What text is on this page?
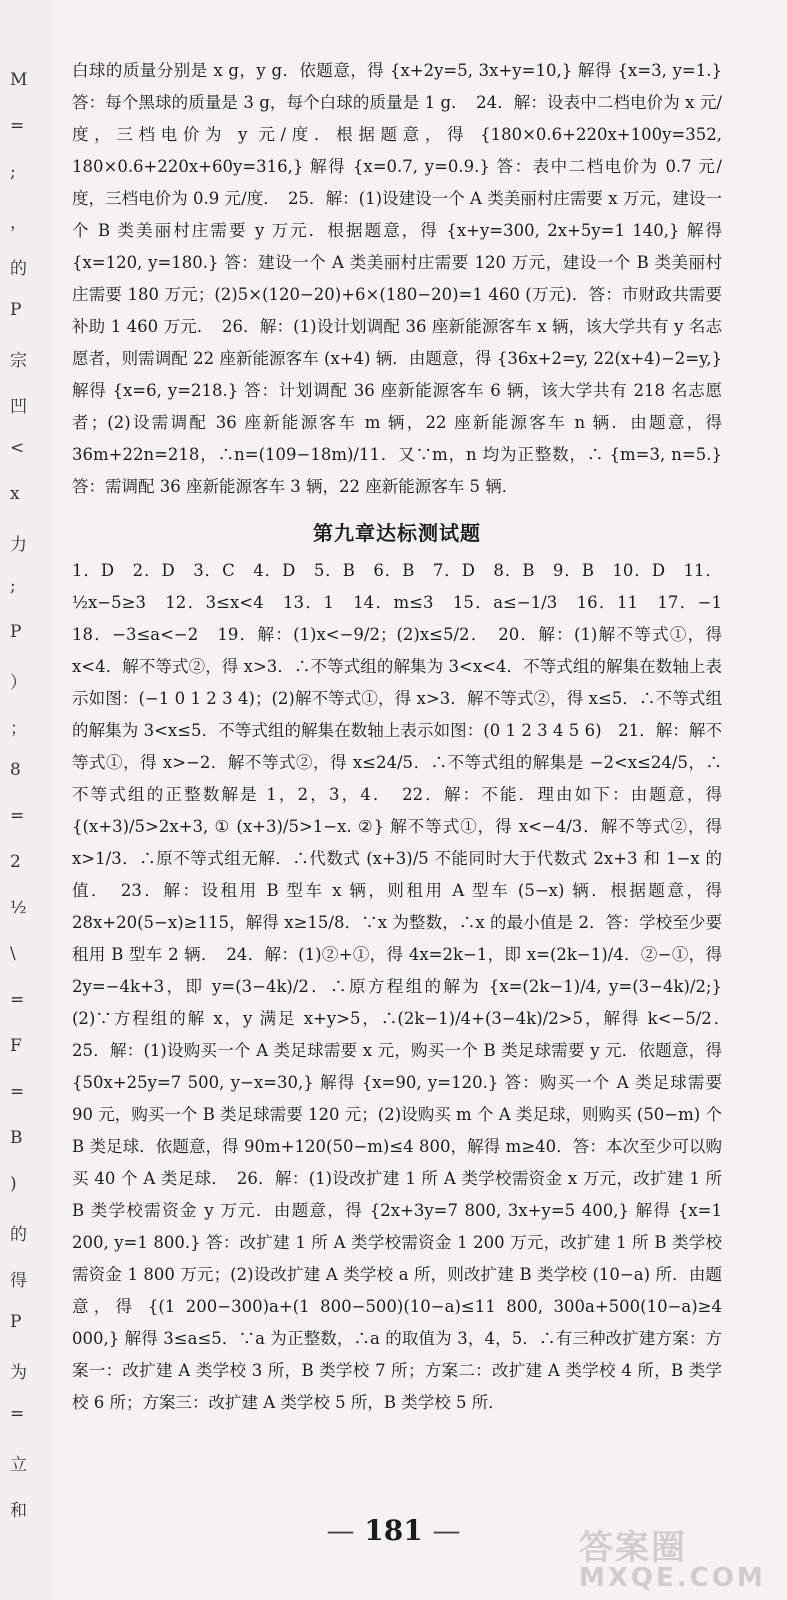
M
=
;
，
的
P
宗
凹
<
x
力
;
P
）
；
8
=
2
½
\
=
F
=
B
)
的
得
P
为
=
立
和

白球的质量分别是 x g，y g．依题意，得 {x+2y=5, 3x+y=10,} 解得 {x=3, y=1.} 答：每个黑球的质量是 3 g，每个白球的质量是 1 g．　24．解：设表中二档电价为 x 元/度，三档电价为 y 元/度．根据题意，得 {180×0.6+220x+100y=352, 180×0.6+220x+60y=316,} 解得 {x=0.7, y=0.9.} 答：表中二档电价为 0.7 元/度，三档电价为 0.9 元/度．　25．解：(1)设建设一个 A 类美丽村庄需要 x 万元，建设一个 B 类美丽村庄需要 y 万元．根据题意，得 {x+y=300, 2x+5y=1 140,} 解得 {x=120, y=180.} 答：建设一个 A 类美丽村庄需要 120 万元，建设一个 B 类美丽村庄需要 180 万元；(2)5×(120−20)+6×(180−20)=1 460 (万元)．答：市财政共需要补助 1 460 万元．　26．解：(1)设计划调配 36 座新能源客车 x 辆，该大学共有 y 名志愿者，则需调配 22 座新能源客车 (x+4) 辆．由题意，得 {36x+2=y, 22(x+4)−2=y,} 解得 {x=6, y=218.} 答：计划调配 36 座新能源客车 6 辆，该大学共有 218 名志愿者；(2)设需调配 36 座新能源客车 m 辆，22 座新能源客车 n 辆．由题意，得 36m+22n=218，∴n=(109−18m)/11．又∵m，n 均为正整数，∴ {m=3, n=5.} 答：需调配 36 座新能源客车 3 辆，22 座新能源客车 5 辆．

第九章达标测试题

1．D　2．D　3．C　4．D　5．B　6．B　7．D　8．B　9．B　10．D　11．½x−5≥3　12．3≤x<4　13．1　14．m≤3　15．a≤−1/3　16．11　17．−1　18．−3≤a<−2　19．解：(1)x<−9/2；(2)x≤5/2．　20．解：(1)解不等式①，得 x<4．解不等式②，得 x>3．∴不等式组的解集为 3<x<4．不等式组的解集在数轴上表示如图：(−1 0 1 2 3 4)；(2)解不等式①，得 x>3．解不等式②，得 x≤5．∴不等式组的解集为 3<x≤5．不等式组的解集在数轴上表示如图：(0 1 2 3 4 5 6)　21．解：解不等式①，得 x>−2．解不等式②，得 x≤24/5．∴不等式组的解集是 −2<x≤24/5，∴不等式组的正整数解是 1，2，3，4．　22．解：不能．理由如下：由题意，得 {(x+3)/5>2x+3, ① (x+3)/5>1−x. ②} 解不等式①，得 x<−4/3．解不等式②，得 x>1/3．∴原不等式组无解．∴代数式 (x+3)/5 不能同时大于代数式 2x+3 和 1−x 的值．　23．解：设租用 B 型车 x 辆，则租用 A 型车 (5−x) 辆．根据题意，得 28x+20(5−x)≥115，解得 x≥15/8．∵x 为整数，∴x 的最小值是 2．答：学校至少要租用 B 型车 2 辆．　24．解：(1)②+①，得 4x=2k−1，即 x=(2k−1)/4．②−①，得 2y=−4k+3，即 y=(3−4k)/2．∴原方程组的解为 {x=(2k−1)/4, y=(3−4k)/2;} (2)∵方程组的解 x，y 满足 x+y>5，∴(2k−1)/4+(3−4k)/2>5，解得 k<−5/2．　25．解：(1)设购买一个 A 类足球需要 x 元，购买一个 B 类足球需要 y 元．依题意，得 {50x+25y=7 500, y−x=30,} 解得 {x=90, y=120.} 答：购买一个 A 类足球需要 90 元，购买一个 B 类足球需要 120 元；(2)设购买 m 个 A 类足球，则购买 (50−m) 个 B 类足球．依题意，得 90m+120(50−m)≤4 800，解得 m≥40．答：本次至少可以购买 40 个 A 类足球．　26．解：(1)设改扩建 1 所 A 类学校需资金 x 万元，改扩建 1 所 B 类学校需资金 y 万元．由题意，得 {2x+3y=7 800, 3x+y=5 400,} 解得 {x=1 200, y=1 800.} 答：改扩建 1 所 A 类学校需资金 1 200 万元，改扩建 1 所 B 类学校需资金 1 800 万元；(2)设改扩建 A 类学校 a 所，则改扩建 B 类学校 (10−a) 所．由题意，得 {(1 200−300)a+(1 800−500)(10−a)≤11 800, 300a+500(10−a)≥4 000,} 解得 3≤a≤5．∵a 为正整数，∴a 的取值为 3，4，5．∴有三种改扩建方案：方案一：改扩建 A 类学校 3 所，B 类学校 7 所；方案二：改扩建 A 类学校 4 所，B 类学校 6 所；方案三：改扩建 A 类学校 5 所，B 类学校 5 所．

— 181 —	答案圈
MXQE.COM
